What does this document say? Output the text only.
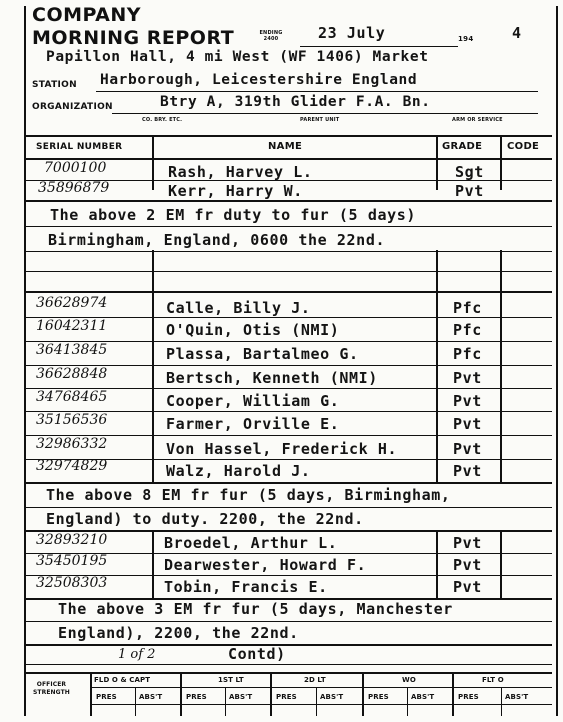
COMPANY
MORNING REPORT	ENDING 2400	23 July	194	4
Papillon Hall, 4 mi West (WF 1406) Market
STATION Harborough, Leicestershire England
ORGANIZATION	Btry A, 319th Glider F.A. Bn.
CO. BRY. ETC.	PARENT UNIT	ARM OR SERVICE
SERIAL NUMBER	NAME	GRADE CODE
7000100	Rash, Harvey L.	Sgt
35896879	Kerr, Harry W.	Pvt
The above 2 EM fr duty to fur (5 days)
Birmingham, England, 0600 the 22nd.
36628974	Calle, Billy J.	Pfc
16042311	O'Quin, Otis (NMI)	Pfc
36413845	Plassa, Bartalmeo G.	Pfc
36628848	Bertsch, Kenneth (NMI)	Pvt
34768465	Cooper, William G.	Pvt
35156536	Farmer, Orville E.	Pvt
32986332	Von Hassel, Frederick H.	Pvt
32974829	Walz, Harold J.	Pvt
The above 8 EM fr fur (5 days, Birmingham,
England) to duty. 2200, the 22nd.
32893210	Broedel, Arthur L.	Pvt
35450195	Dearwester, Howard F.	Pvt
32508303	Tobin, Francis E.	Pvt
The above 3 EM fr fur (5 days, Manchester
England), 2200, the 22nd.
1 of 2	Contd)
OFFICER
STRENGTH
FLD O & CAPT	1ST LT	2D LT	WO	FLT O
PRES	ABS'T	PRES	ABS'T	PRES	ABS'T	PRES	ABS'T	PRES	ABS'T
